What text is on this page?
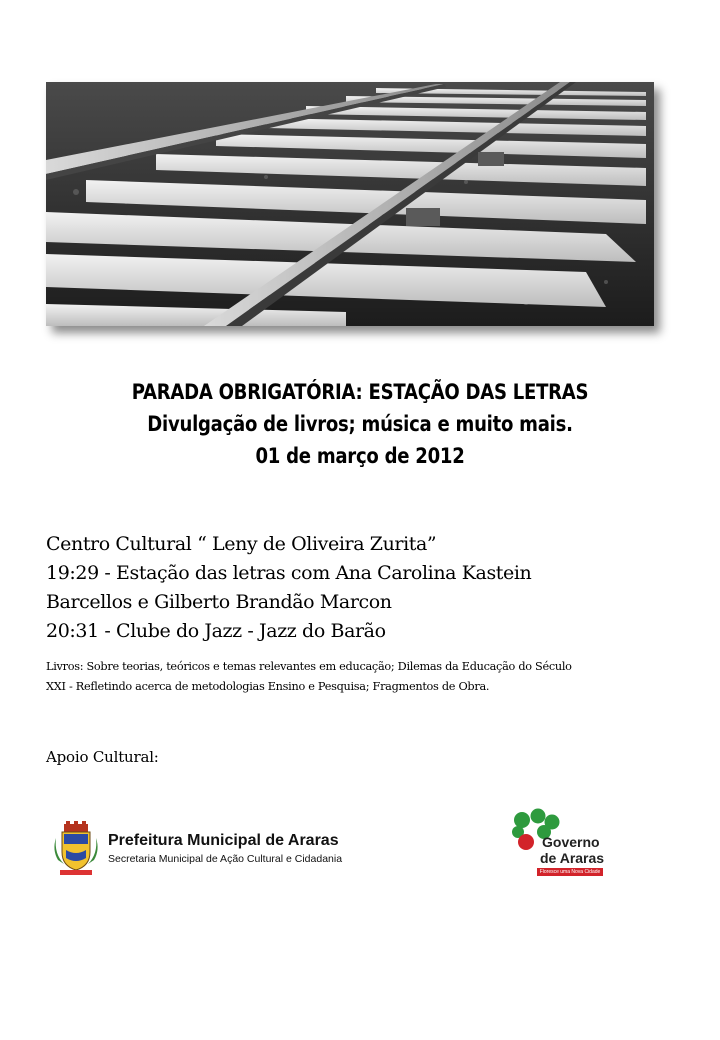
PARADA OBRIGATÓRIA: ESTAÇÃO DAS LETRAS
Divulgação de livros; música e muito mais.
01 de março de 2012
Centro Cultural “ Leny de Oliveira Zurita”
19:29 - Estação das letras com Ana Carolina Kastein
Barcellos e Gilberto Brandão Marcon
20:31 - Clube do Jazz - Jazz do Barão
Livros: Sobre teorias, teóricos e temas relevantes em educação; Dilemas da Educação do Século
XXI - Refletindo acerca de metodologias Ensino e Pesquisa; Fragmentos de Obra.
Apoio Cultural:
Prefeitura Municipal de Araras
Secretaria Municipal de Ação Cultural e Cidadania
Governo
de Araras
Floresce uma Nova Cidade
